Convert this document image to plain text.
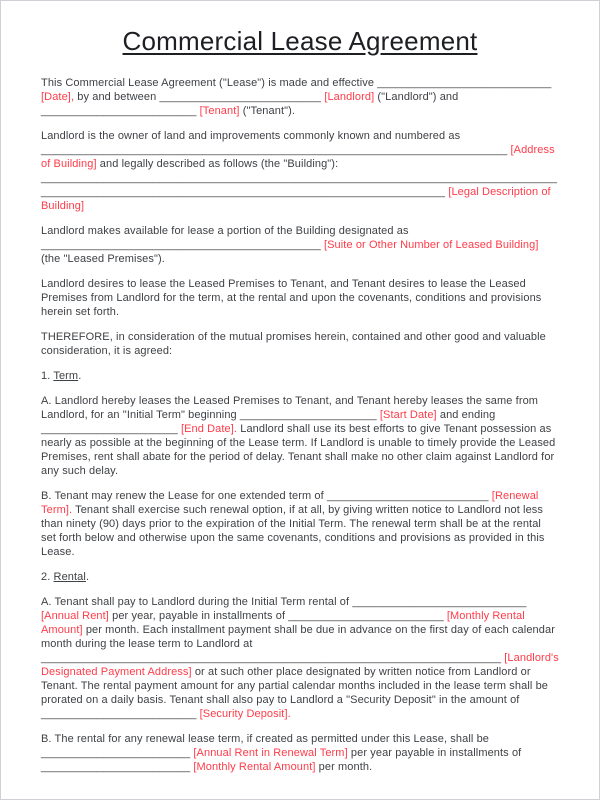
Commercial Lease Agreement

This Commercial Lease Agreement ("Lease") is made and effective ____________________________ [Date], by and between __________________________ [Landlord] ("Landlord") and _________________________ [Tenant] ("Tenant").

Landlord is the owner of land and improvements commonly known and numbered as ___________________________________________________________________________ [Address of Building] and legally described as follows (the "Building"): ____________________________________________________________________________________________________________________________________________________ [Legal Description of Building]

Landlord makes available for lease a portion of the Building designated as _____________________________________________ [Suite or Other Number of Leased Building] (the "Leased Premises").

Landlord desires to lease the Leased Premises to Tenant, and Tenant desires to lease the Leased Premises from Landlord for the term, at the rental and upon the covenants, conditions and provisions herein set forth.

THEREFORE, in consideration of the mutual promises herein, contained and other good and valuable consideration, it is agreed:

1. Term.

A. Landlord hereby leases the Leased Premises to Tenant, and Tenant hereby leases the same from Landlord, for an "Initial Term" beginning ______________________ [Start Date] and ending ______________________ [End Date]. Landlord shall use its best efforts to give Tenant possession as nearly as possible at the beginning of the Lease term. If Landlord is unable to timely provide the Leased Premises, rent shall abate for the period of delay. Tenant shall make no other claim against Landlord for any such delay.

B. Tenant may renew the Lease for one extended term of __________________________ [Renewal Term]. Tenant shall exercise such renewal option, if at all, by giving written notice to Landlord not less than ninety (90) days prior to the expiration of the Initial Term. The renewal term shall be at the rental set forth below and otherwise upon the same covenants, conditions and provisions as provided in this Lease.

2. Rental.

A. Tenant shall pay to Landlord during the Initial Term rental of ____________________________ [Annual Rent] per year, payable in installments of _________________________ [Monthly Rental Amount] per month. Each installment payment shall be due in advance on the first day of each calendar month during the lease term to Landlord at __________________________________________________________________________ [Landlord's Designated Payment Address] or at such other place designated by written notice from Landlord or Tenant. The rental payment amount for any partial calendar months included in the lease term shall be prorated on a daily basis. Tenant shall also pay to Landlord a "Security Deposit" in the amount of _________________________ [Security Deposit].

B. The rental for any renewal lease term, if created as permitted under this Lease, shall be ________________________ [Annual Rent in Renewal Term] per year payable in installments of ________________________ [Monthly Rental Amount] per month.
